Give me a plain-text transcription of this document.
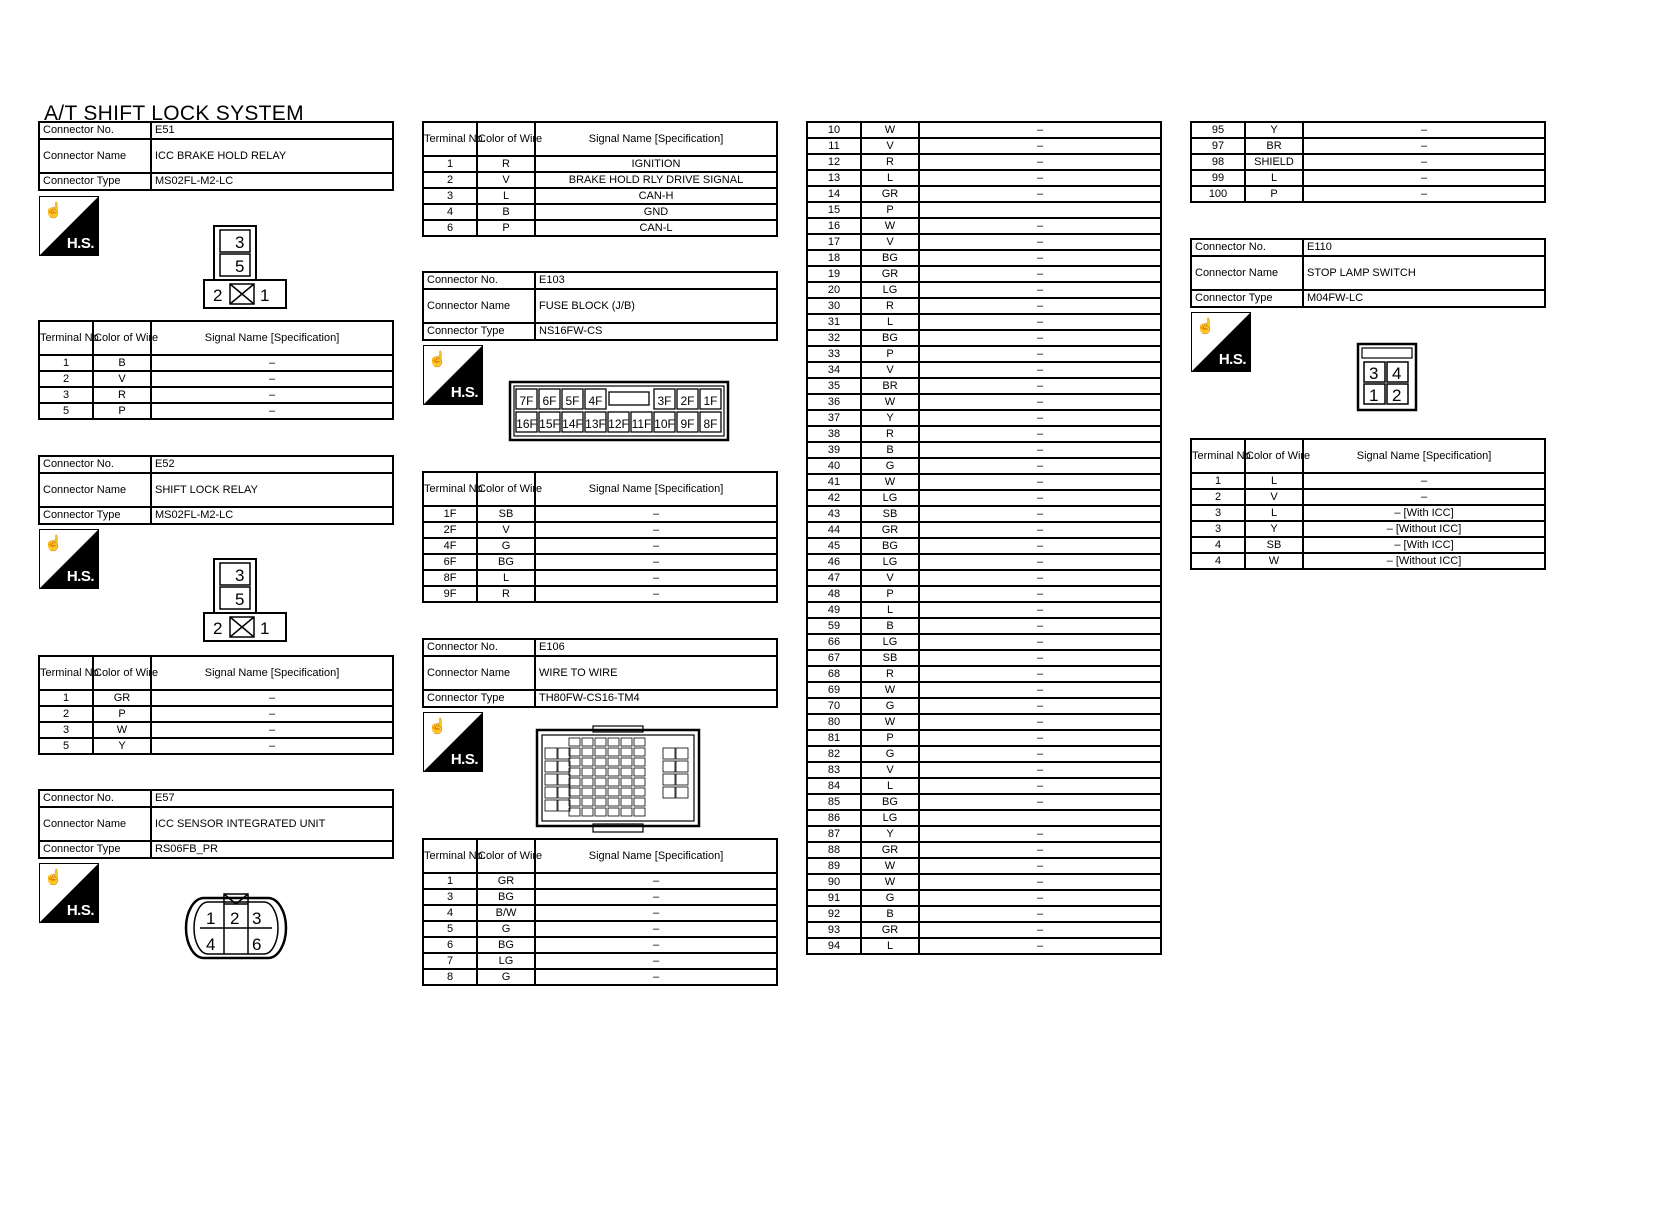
A/T SHIFT LOCK SYSTEM
Connector No.	E51
Connector Name	ICC BRAKE HOLD RELAY
Connector Type	MS02FL-M2-LC
☝
H.S.	3
5
2 1
Terminal No.	Color of Wire	Signal Name [Specification]
1	B	–
2	V	–
3	R	–
5	P	–
Connector No.	E52
Connector Name	SHIFT LOCK RELAY
Connector Type	MS02FL-M2-LC
☝
H.S.	3
5
2 1
Terminal No.	Color of Wire	Signal Name [Specification]
1	GR	–
2	P	–
3	W	–
5	Y	–
Connector No.	E57
Connector Name	ICC SENSOR INTEGRATED UNIT
Connector Type	RS06FB_PR
☝
H.S.	1 2 3
4 6
Terminal No.	Color of Wire	Signal Name [Specification]
1	R	IGNITION
2	V	BRAKE HOLD RLY DRIVE SIGNAL
3	L	CAN-H
4	B	GND
6	P	CAN-L
Connector No.	E103
Connector Name	FUSE BLOCK (J/B)
Connector Type	NS16FW-CS
☝
H.S.	7F 6F 5F 4F	3F 2F 1F
16F 15F 14F 13F 12F 11F 10F 9F 8F
Terminal No.	Color of Wire	Signal Name [Specification]
1F	SB	–
2F	V	–
4F	G	–
6F	BG	–
8F	L	–
9F	R	–
Connector No.	E106
Connector Name	WIRE TO WIRE
Connector Type	TH80FW-CS16-TM4
☝
H.S.
Terminal No.	Color of Wire	Signal Name [Specification]
1	GR	–
3	BG	–
4	B/W	–
5	G	–
6	BG	–
7	LG	–
8	G	–
10	W	–
11	V	–
12	R	–
13	L	–
14	GR	–
15	P	
16	W	–
17	V	–
18	BG	–
19	GR	–
20	LG	–
30	R	–
31	L	–
32	BG	–
33	P	–
34	V	–
35	BR	–
36	W	–
37	Y	–
38	R	–
39	B	–
40	G	–
41	W	–
42	LG	–
43	SB	–
44	GR	–
45	BG	–
46	LG	–
47	V	–
48	P	–
49	L	–
59	B	–
66	LG	–
67	SB	–
68	R	–
69	W	–
70	G	–
80	W	–
81	P	–
82	G	–
83	V	–
84	L	–
85	BG	–
86	LG	
87	Y	–
88	GR	–
89	W	–
90	W	–
91	G	–
92	B	–
93	GR	–
94	L	–
95	Y	–
97	BR	–
98	SHIELD	–
99	L	–
100	P	–
Connector No.	E110
Connector Name	STOP LAMP SWITCH
Connector Type	M04FW-LC
☝
H.S.
3 4
1 2
Terminal No.	Color of Wire	Signal Name [Specification]
1	L	–
2	V	–
3	L	– [With ICC]
3	Y	– [Without ICC]
4	SB	– [With ICC]
4	W	– [Without ICC]
